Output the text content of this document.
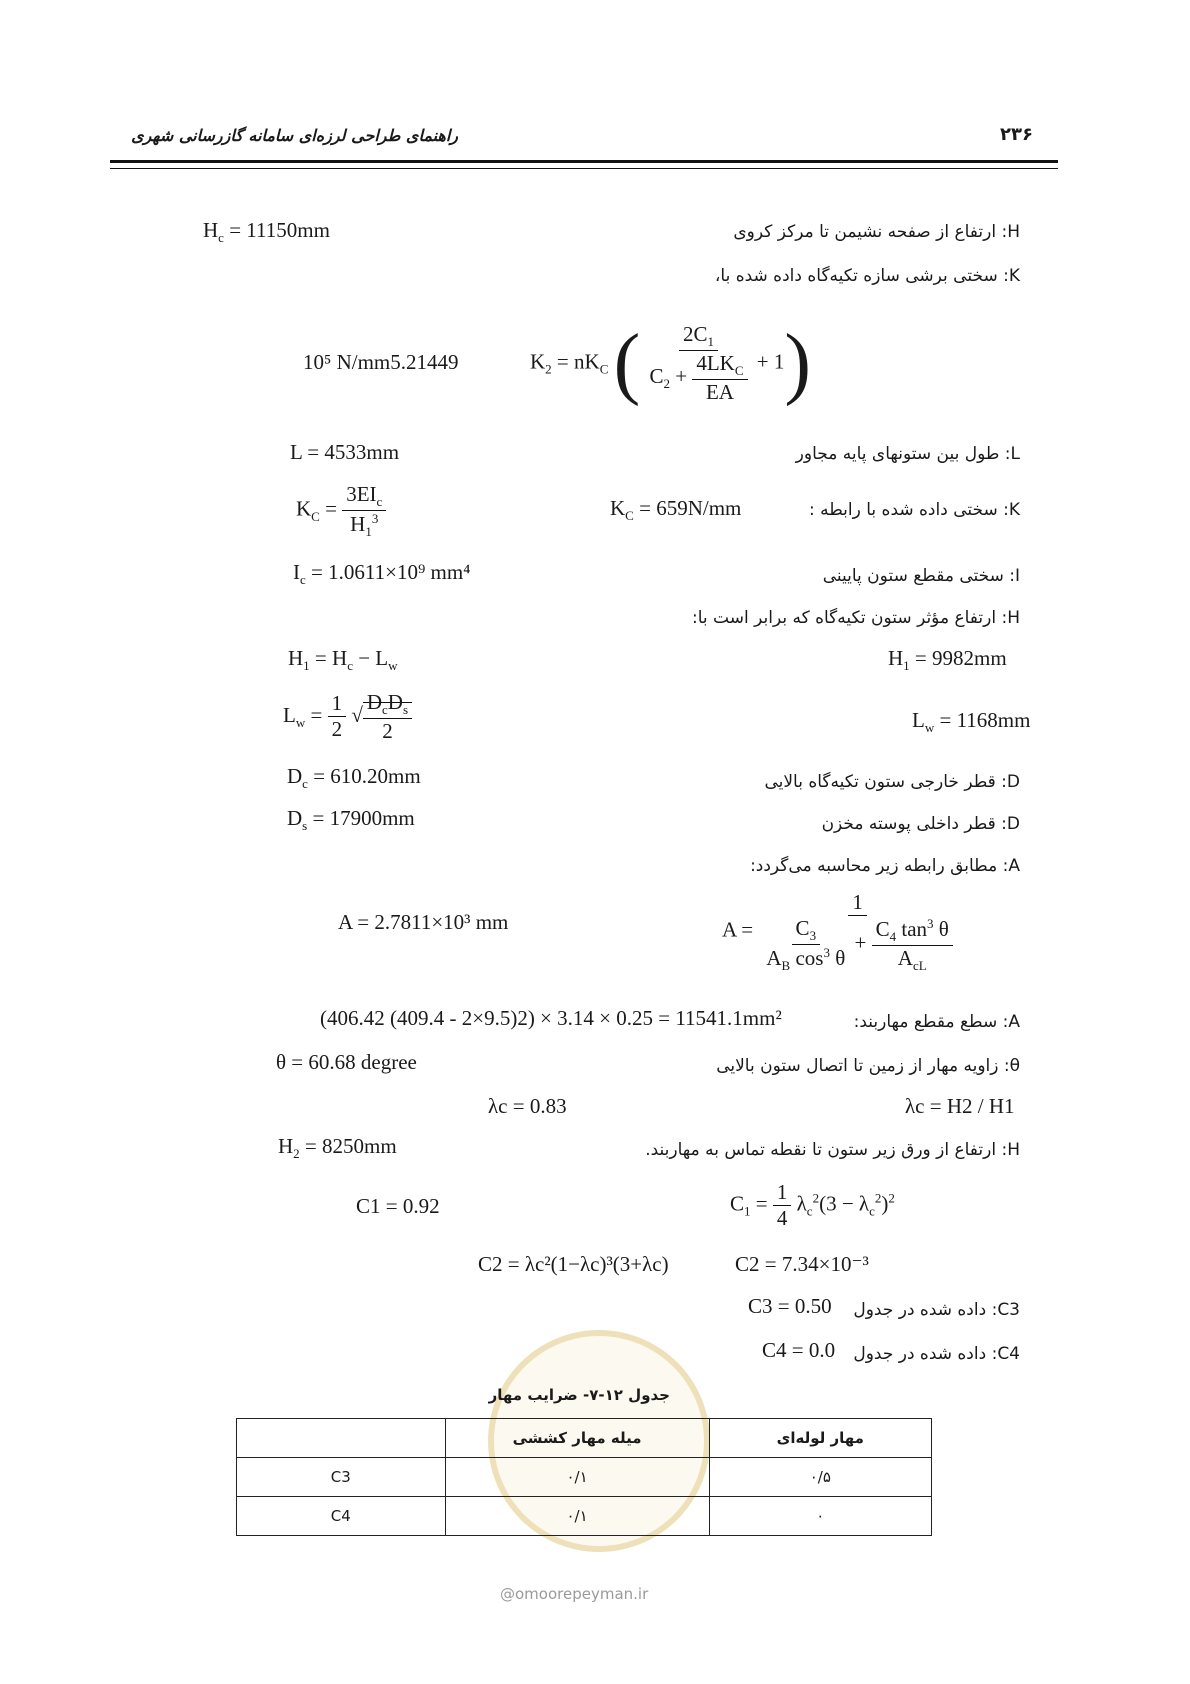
راهنمای طراحی لرزه‌ای سامانه گازرسانی شهری	۲۳۶
H: ارتفاع از صفحه نشیمن تا مرکز کروی
$H_c = 11150mm$
K: سختی برشی سازه تکیه‌گاه داده شده با،
10⁵ N/mm5.21449	$K_2 = nK_C$ ( $\frac{2C_1}{C_2 + \frac{4LK_C}{EA}} + 1$)
L: طول بین ستونهای پایه مجاور
L = 4533mm
$K_C = \frac{3EI_c}{H_1^3}$	K: سختی داده شده با رابطه :
$K_C = 659N/mm$
I: سختی مقطع ستون پایینی
$I_c = 1.0611\times 10^9$ mm⁴
H: ارتفاع مؤثر ستون تکیه‌گاه که برابر است با:
$H_1 = H_c - L_w$	$H_1 = 9982mm$
$L_w = \frac{1}{2}$ √ $\frac{D_cD_s}{2}$	$L_w = 1168mm$
D: قطر خارجی ستون تکیه‌گاه بالایی
$D_c = 610.20mm$
D: قطر داخلی پوسته مخزن
$D_s = 17900mm$
A: مطابق رابطه زیر محاسبه می‌گردد:
A = 2.7811×10³ mm	$A = \frac{1}{\frac{C_3}{A_B \cos^3 \theta} + \frac{C_4 \tan^3 \theta}{A_{cL}}}$
A: سطع مقطع مهاربند:
(406.42 (409.4 - 2×9.5)2) × 3.14 × 0.25 = 11541.1mm²
θ: زاویه مهار از زمین تا اتصال ستون بالایی
θ = 60.68 degree
λc = 0.83	λc = H2 / H1
H: ارتفاع از ورق زیر ستون تا نقطه تماس به مهاربند.
$H_2 = 8250mm$
C1 = 0.92	$C_1 = \frac{1}{4} \lambda_c^2(3 - \lambda_c^2)^2$
C2 = λc²(1−λc)³(3+λc)	C2 = 7.34×10⁻³
C3: داده شده در جدول
C3 = 0.50
C4: داده شده در جدول
C4 = 0.0
جدول ۱۲-۷- ضرایب مهار
	میله مهار کششی	مهار لوله‌ای
C3	۰/۱	۰/۵
C4	۰/۱	۰
@omoorepeyman.ir
